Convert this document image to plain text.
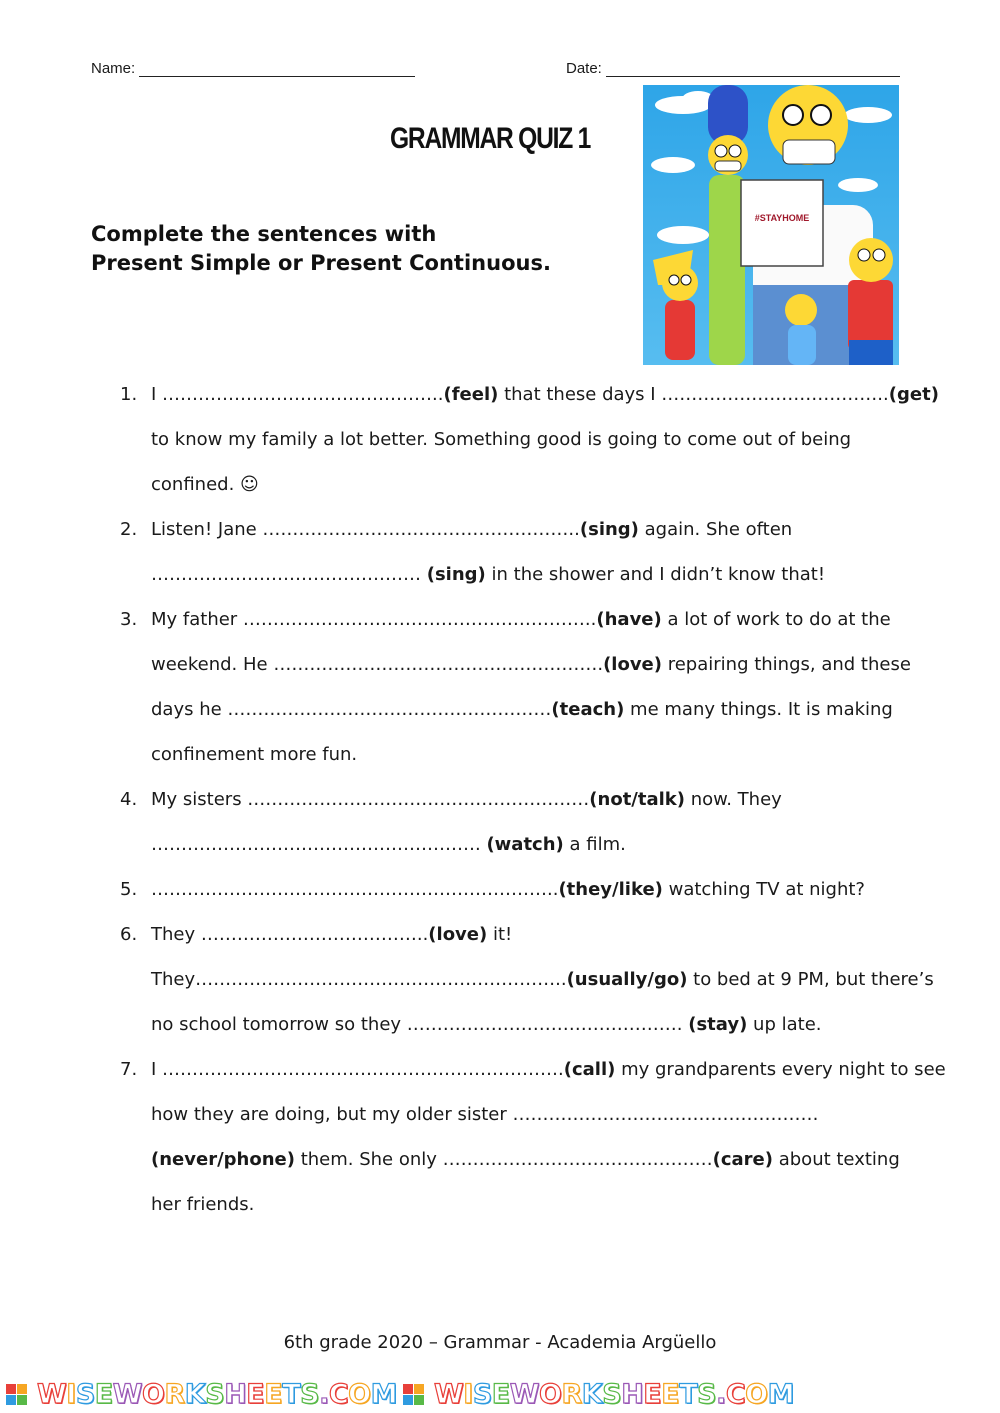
Name:	Date:
GRAMMAR QUIZ 1
Complete the sentences with
Present Simple or Present Continuous.
#STAYHOME
1. I ………………………………………..(feel) that these days I ………………………………..(get)
to know my family a lot better. Something good is going to come out of being
confined. ☺
2. Listen! Jane ……………………………………………..(sing) again. She often
……………………………………… (sing) in the shower and I didn’t know that!
3. My father …………………………………………………..(have) a lot of work to do at the
weekend. He ……………………………………………….(love) repairing things, and these
days he ………………………………………………(teach) me many things. It is making
confinement more fun.
4. My sisters …………………………………………………(not/talk) now. They
………………………………………………. (watch) a film.
5. …………………………………………………………..(they/like) watching TV at night?
6. They ………………………………..(love) it!
They……………………………………………………..(usually/go) to bed at 9 PM, but there’s
no school tomorrow so they ………………………………………. (stay) up late.
7. I ………………………………………………………….(call) my grandparents every night to see
how they are doing, but my older sister ……………………………………………
(never/phone) them. She only ………………………………………(care) about texting
her friends.
6th grade 2020 – Grammar - Academia Argüello
WISEWORKSHEETS.COM WISEWORKSHEETS.COM
